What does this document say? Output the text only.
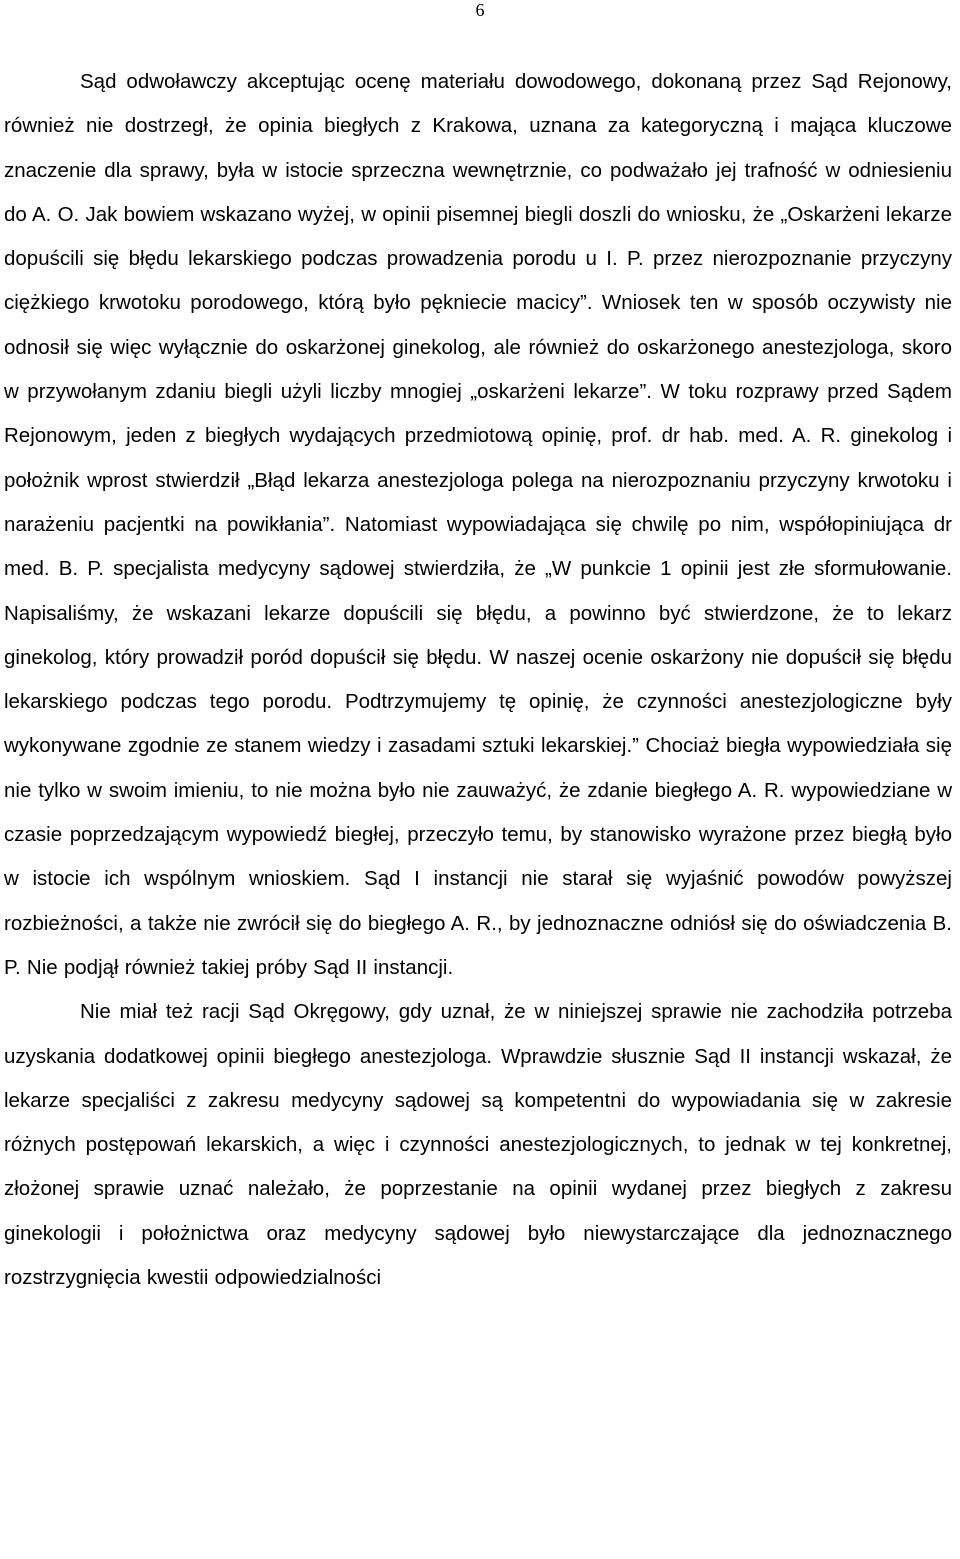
6

Sąd odwoławczy akceptując ocenę materiału dowodowego, dokonaną przez Sąd Rejonowy, również nie dostrzegł, że opinia biegłych z Krakowa, uznana za kategoryczną i mająca kluczowe znaczenie dla sprawy, była w istocie sprzeczna wewnętrznie, co podważało jej trafność w odniesieniu do A. O. Jak bowiem wskazano wyżej, w opinii pisemnej biegli doszli do wniosku, że „Oskarżeni lekarze dopuścili się błędu lekarskiego podczas prowadzenia porodu u I. P. przez nierozpoznanie przyczyny ciężkiego krwotoku porodowego, którą było pękniecie macicy”. Wniosek ten w sposób oczywisty nie odnosił się więc wyłącznie do oskarżonej ginekolog, ale również do oskarżonego anestezjologa, skoro w przywołanym zdaniu biegli użyli liczby mnogiej „oskarżeni lekarze”. W toku rozprawy przed Sądem Rejonowym, jeden z biegłych wydających przedmiotową opinię, prof. dr hab. med. A. R. ginekolog i położnik wprost stwierdził „Błąd lekarza anestezjologa polega na nierozpoznaniu przyczyny krwotoku i narażeniu pacjentki na powikłania”. Natomiast wypowiadająca się chwilę po nim, współopiniująca dr med. B. P. specjalista medycyny sądowej stwierdziła, że „W punkcie 1 opinii jest złe sformułowanie. Napisaliśmy, że wskazani lekarze dopuścili się błędu, a powinno być stwierdzone, że to lekarz ginekolog, który prowadził poród dopuścił się błędu. W naszej ocenie oskarżony nie dopuścił się błędu lekarskiego podczas tego porodu. Podtrzymujemy tę opinię, że czynności anestezjologiczne były wykonywane zgodnie ze stanem wiedzy i zasadami sztuki lekarskiej.” Chociaż biegła wypowiedziała się nie tylko w swoim imieniu, to nie można było nie zauważyć, że zdanie biegłego A. R. wypowiedziane w czasie poprzedzającym wypowiedź biegłej, przeczyło temu, by stanowisko wyrażone przez biegłą było w istocie ich wspólnym wnioskiem. Sąd I instancji nie starał się wyjaśnić powodów powyższej rozbieżności, a także nie zwrócił się do biegłego A. R., by jednoznaczne odniósł się do oświadczenia B. P. Nie podjął również takiej próby Sąd II instancji.

Nie miał też racji Sąd Okręgowy, gdy uznał, że w niniejszej sprawie nie zachodziła potrzeba uzyskania dodatkowej opinii biegłego anestezjologa. Wprawdzie słusznie Sąd II instancji wskazał, że lekarze specjaliści z zakresu medycyny sądowej są kompetentni do wypowiadania się w zakresie różnych postępowań lekarskich, a więc i czynności anestezjologicznych, to jednak w tej konkretnej, złożonej sprawie uznać należało, że poprzestanie na opinii wydanej przez biegłych z zakresu ginekologii i położnictwa oraz medycyny sądowej było niewystarczające dla jednoznacznego rozstrzygnięcia kwestii odpowiedzialności
